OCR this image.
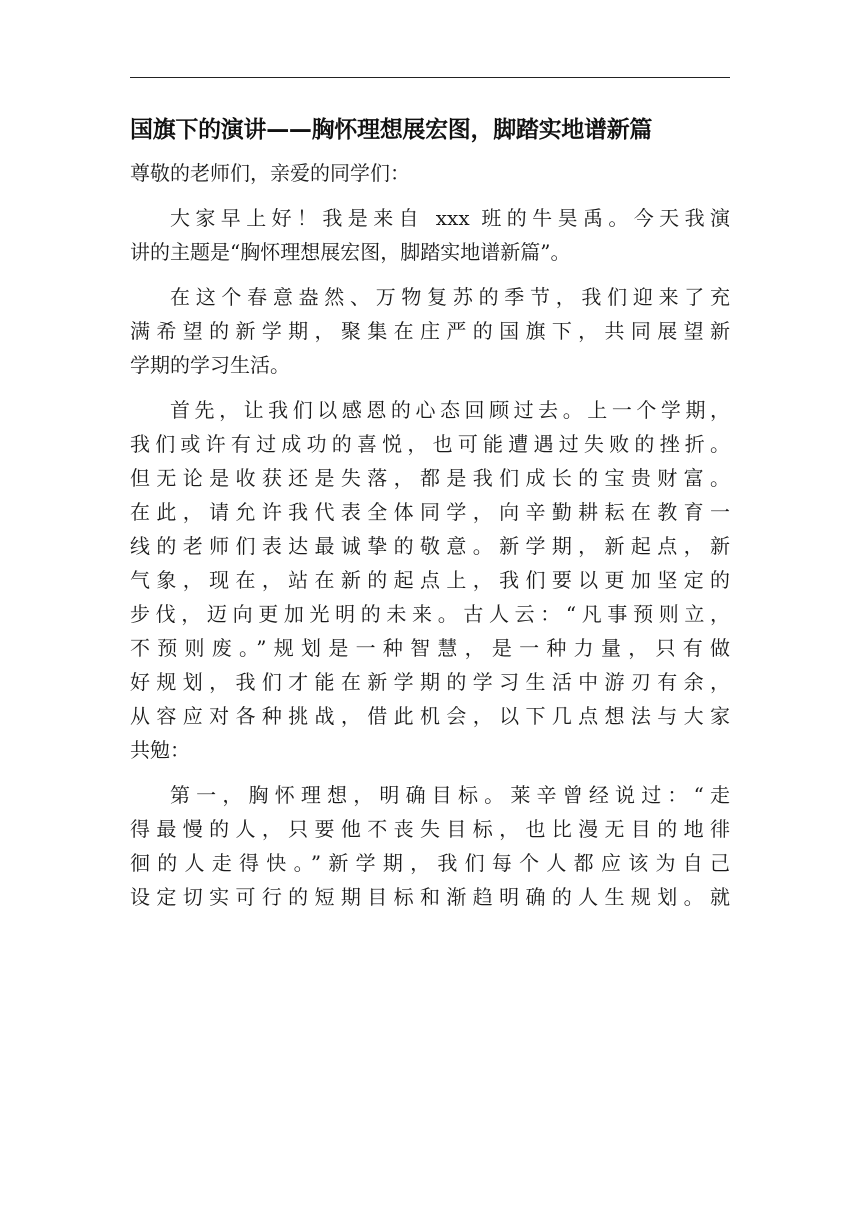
国旗下的演讲——胸怀理想展宏图，脚踏实地谱新篇

尊敬的老师们，亲爱的同学们：

大家早上好！我是来自 xxx 班的牛昊禹。今天我演
讲的主题是“胸怀理想展宏图，脚踏实地谱新篇”。

在这个春意盎然、万物复苏的季节，我们迎来了充
满希望的新学期，聚集在庄严的国旗下，共同展望新
学期的学习生活。

首先，让我们以感恩的心态回顾过去。上一个学期，
我们或许有过成功的喜悦，也可能遭遇过失败的挫折。
但无论是收获还是失落，都是我们成长的宝贵财富。
在此，请允许我代表全体同学，向辛勤耕耘在教育一
线的老师们表达最诚挚的敬意。新学期，新起点，新
气象，现在，站在新的起点上，我们要以更加坚定的
步伐，迈向更加光明的未来。古人云：“凡事预则立，
不预则废。”规划是一种智慧，是一种力量，只有做
好规划，我们才能在新学期的学习生活中游刃有余，
从容应对各种挑战，借此机会，以下几点想法与大家
共勉：

第一，胸怀理想，明确目标。莱辛曾经说过：“走
得最慢的人，只要他不丧失目标，也比漫无目的地徘
徊的人走得快。”新学期，我们每个人都应该为自己
设定切实可行的短期目标和渐趋明确的人生规划。就
